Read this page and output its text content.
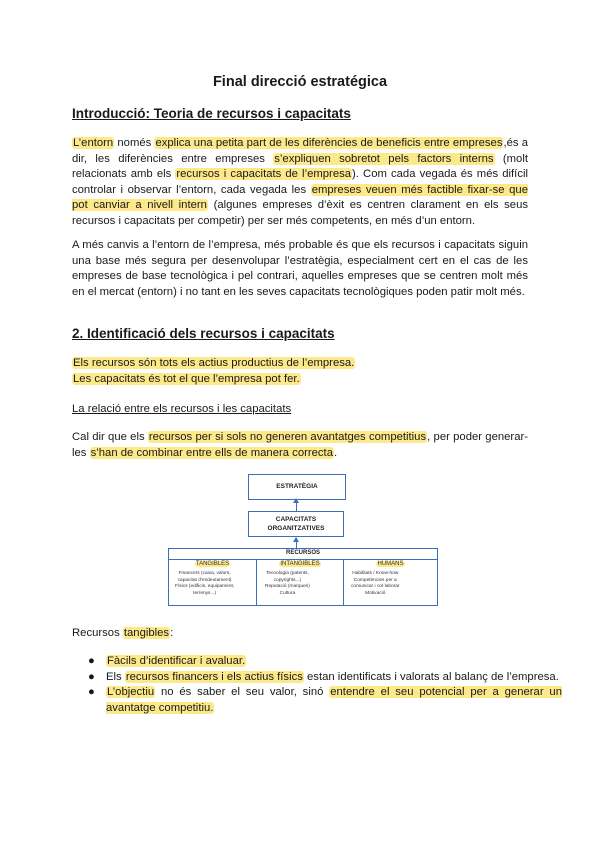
Final direcció estratégica
Introducció: Teoria de recursos i capacitats
L’entorn només explica una petita part de les diferències de beneficis entre empreses,és a dir, les diferències entre empreses s’expliquen sobretot pels factors interns (molt relacionats amb els recursos i capacitats de l’empresa). Com cada vegada és més difícil controlar i observar l’entorn, cada vegada les empreses veuen més factible fixar-se que pot canviar a nivell intern (algunes empreses d’èxit es centren clarament en els seus recursos i capacitats per competir) per ser més competents, en més d’un entorn.
A més canvis a l’entorn de l’empresa, més probable és que els recursos i capacitats siguin una base més segura per desenvolupar l’estratègia, especialment cert en el cas de les empreses de base tecnològica i pel contrari, aquelles empreses que se centren molt més en el mercat (entorn) i no tant en les seves capacitats tecnològiques poden patir molt més.
2. Identificació dels recursos i capacitats
Els recursos són tots els actius productius de l’empresa.
Les capacitats és tot el que l’empresa pot fer.
La relació entre els recursos i les capacitats
Cal dir que els recursos per si sols no generen avantatges competitius, per poder generar-les s’han de combinar entre ells de manera correcta.
ESTRATÈGIA
CAPACITATS
ORGANITZATIVES
RECURSOS
TANGIBLES	INTANGIBLES	HUMANS
Financers (caixa, valors,
capacitat d’endeutament)
Físics (edificis, equipament,
terrenys...)
Tecnologia (patents,
copyrights...)
Reputació (marques)
Cultura
Habilitats / Know-how
Competències per a
comunicar i col·laborar
Motivació
Recursos tangibles:
● Fàcils d’identificar i avaluar.
● Els recursos financers i els actius físics estan identificats i valorats al balanç de l’empresa.
● L’objectiu no és saber el seu valor, sinó entendre el seu potencial per a generar un avantatge competitiu.
